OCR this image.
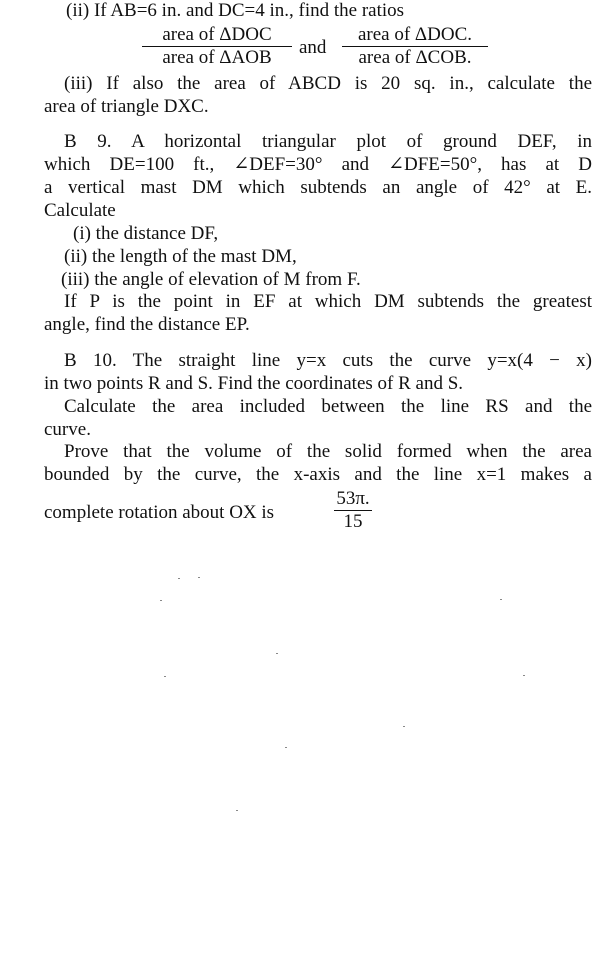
(ii) If AB=6 in. and DC=4 in., find the ratios
area of ΔDOC
area of ΔAOB	and
area of ΔDOC.
area of ΔCOB.
(iii) If also the area of ABCD is 20 sq. in., calculate the
area of triangle DXC.
B 9. A horizontal triangular plot of ground DEF, in
which DE=100 ft., ∠DEF=30° and ∠DFE=50°, has at D
a vertical mast DM which subtends an angle of 42° at E.
Calculate
(i) the distance DF,
(ii) the length of the mast DM,
(iii) the angle of elevation of M from F.
If P is the point in EF at which DM subtends the greatest
angle, find the distance EP.
B 10. The straight line y=x cuts the curve y=x(4 − x)
in two points R and S. Find the coordinates of R and S.
Calculate the area included between the line RS and the
curve.
Prove that the volume of the solid formed when the area
bounded by the curve, the x-axis and the line x=1 makes a
complete rotation about OX is	$\frac{53\pi.}{15}$
